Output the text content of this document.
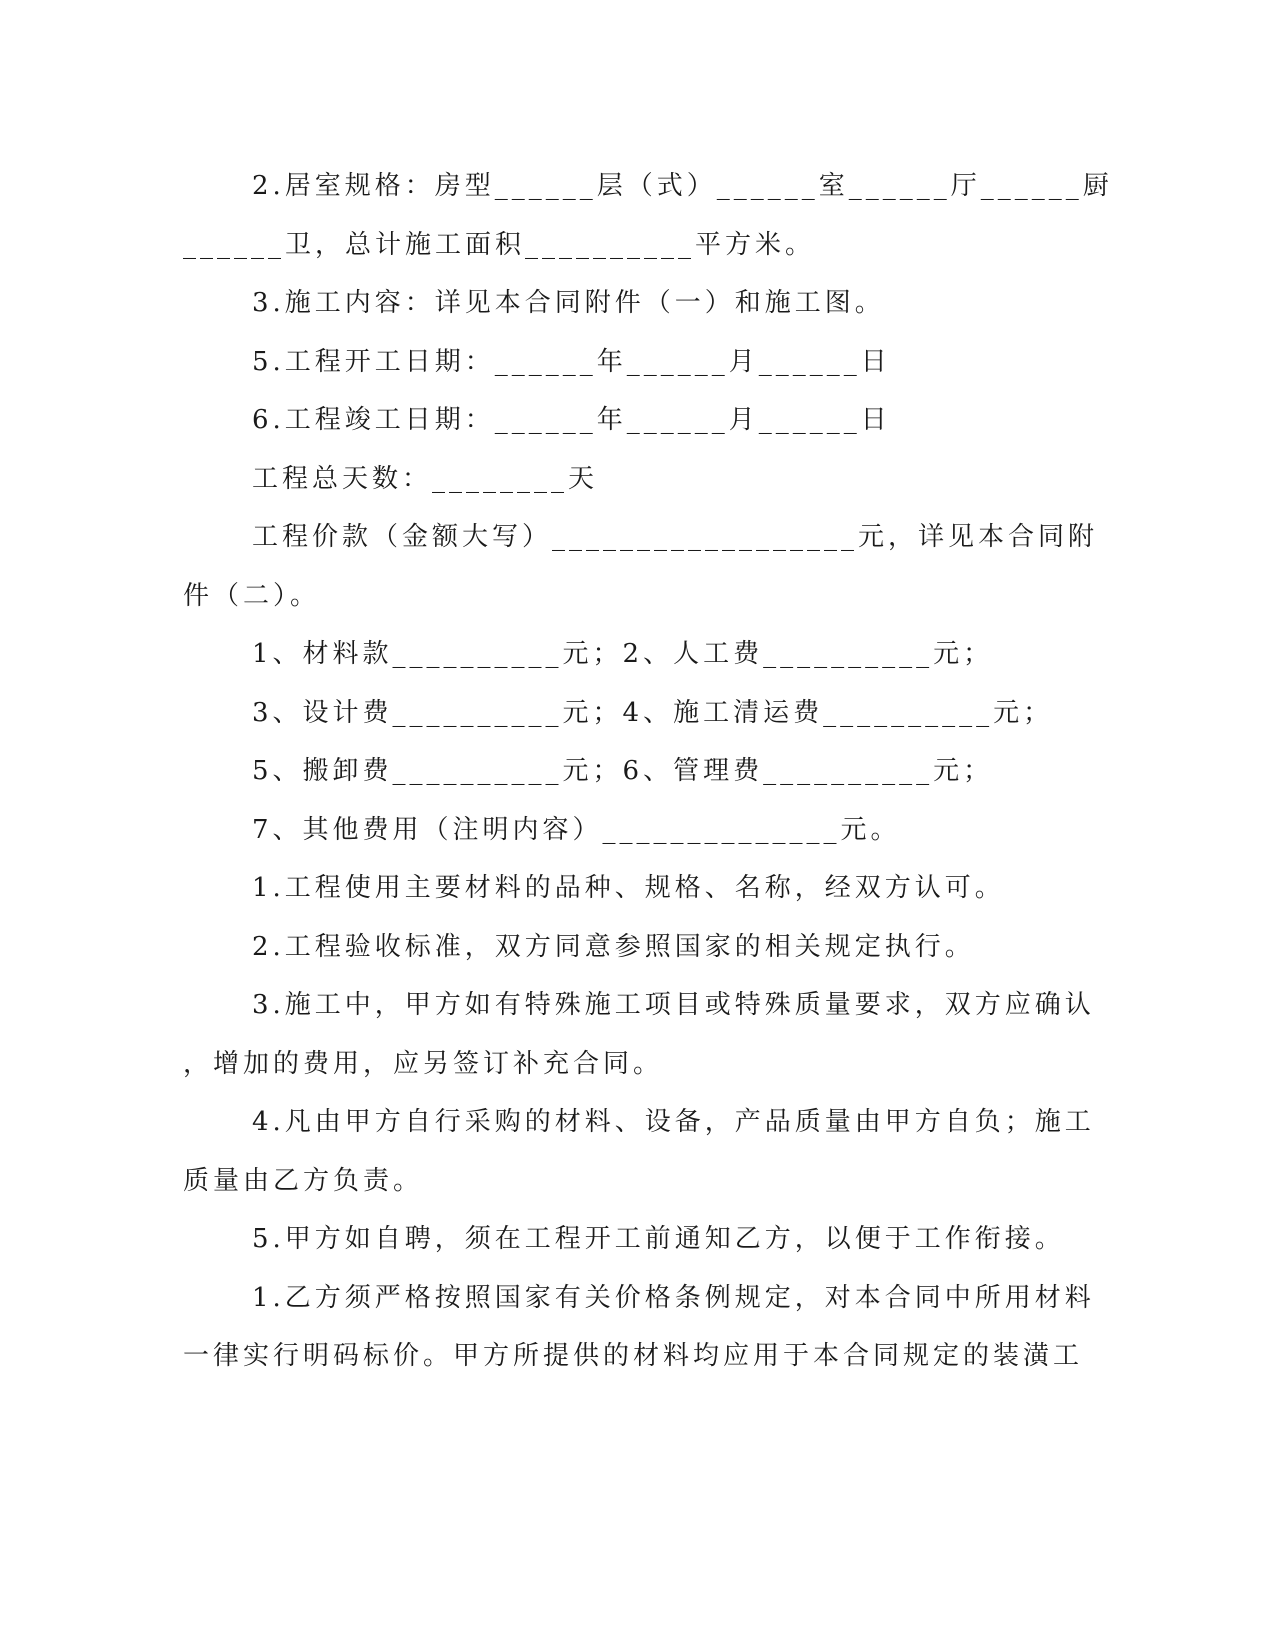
2.居室规格：房型______层（式）______室______厅______厨
______卫，总计施工面积__________平方米。
3.施工内容：详见本合同附件（一）和施工图。
5.工程开工日期：______年______月______日
6.工程竣工日期：______年______月______日
工程总天数：________天
工程价款（金额大写）__________________元，详见本合同附
件（二）。
1、材料款__________元；2、人工费__________元；
3、设计费__________元；4、施工清运费__________元；
5、搬卸费__________元；6、管理费__________元；
7、其他费用（注明内容）______________元。
1.工程使用主要材料的品种、规格、名称，经双方认可。
2.工程验收标准，双方同意参照国家的相关规定执行。
3.施工中，甲方如有特殊施工项目或特殊质量要求，双方应确认
，增加的费用，应另签订补充合同。
4.凡由甲方自行采购的材料、设备，产品质量由甲方自负；施工
质量由乙方负责。
5.甲方如自聘，须在工程开工前通知乙方，以便于工作衔接。
1.乙方须严格按照国家有关价格条例规定，对本合同中所用材料
一律实行明码标价。甲方所提供的材料均应用于本合同规定的装潢工
